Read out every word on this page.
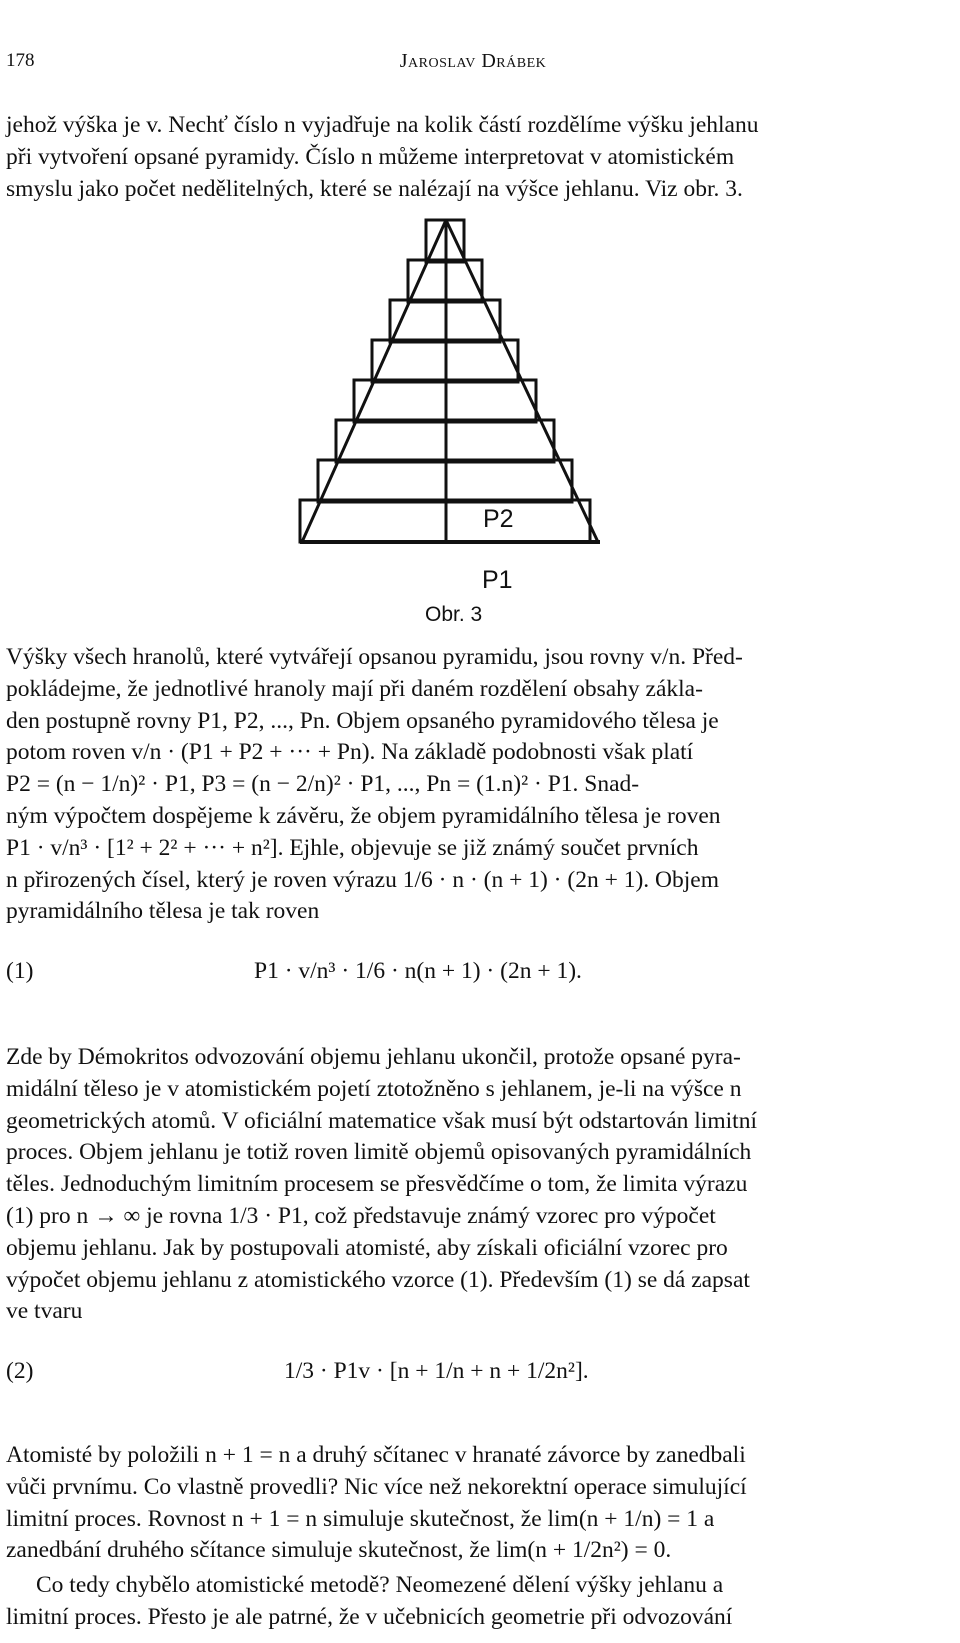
178	Jaroslav Drábek
jehož výška je v. Nechť číslo n vyjadřuje na kolik částí rozdělíme výšku jehlanu
při vytvoření opsané pyramidy. Číslo n můžeme interpretovat v atomistickém
smyslu jako počet nedělitelných, které se nalézají na výšce jehlanu. Viz obr. 3.
P2
P1
Obr. 3
Výšky všech hranolů, které vytvářejí opsanou pyramidu, jsou rovny v/n. Před-
pokládejme, že jednotlivé hranoly mají při daném rozdělení obsahy zákla-
den postupně rovny P1, P2, ..., Pn. Objem opsaného pyramidového tělesa je
potom roven v/n · (P1 + P2 + ··· + Pn). Na základě podobnosti však platí
P2 = (n − 1/n)² · P1, P3 = (n − 2/n)² · P1, ..., Pn = (1.n)² · P1. Snad-
ným výpočtem dospějeme k závěru, že objem pyramidálního tělesa je roven
P1 · v/n³ · [1² + 2² + ··· + n²]. Ejhle, objevuje se již známý součet prvních
n přirozených čísel, který je roven výrazu 1/6 · n · (n + 1) · (2n + 1). Objem
pyramidálního tělesa je tak roven
(1)	P1 · v/n³ · 1/6 · n(n + 1) · (2n + 1).
Zde by Démokritos odvozování objemu jehlanu ukončil, protože opsané pyra-
midální těleso je v atomistickém pojetí ztotožněno s jehlanem, je-li na výšce n
geometrických atomů. V oficiální matematice však musí být odstartován limitní
proces. Objem jehlanu je totiž roven limitě objemů opisovaných pyramidálních
těles. Jednoduchým limitním procesem se přesvědčíme o tom, že limita výrazu
(1) pro n → ∞ je rovna 1/3 · P1, což představuje známý vzorec pro výpočet
objemu jehlanu. Jak by postupovali atomisté, aby získali oficiální vzorec pro
výpočet objemu jehlanu z atomistického vzorce (1). Především (1) se dá zapsat
ve tvaru
(2)	1/3 · P1v · [n + 1/n + n + 1/2n²].
Atomisté by položili n + 1 = n a druhý sčítanec v hranaté závorce by zanedbali
vůči prvnímu. Co vlastně provedli? Nic více než nekorektní operace simulující
limitní proces. Rovnost n + 1 = n simuluje skutečnost, že lim(n + 1/n) = 1 a
zanedbání druhého sčítance simuluje skutečnost, že lim(n + 1/2n²) = 0.
Co tedy chybělo atomistické metodě? Neomezené dělení výšky jehlanu a
limitní proces. Přesto je ale patrné, že v učebnicích geometrie při odvozování
